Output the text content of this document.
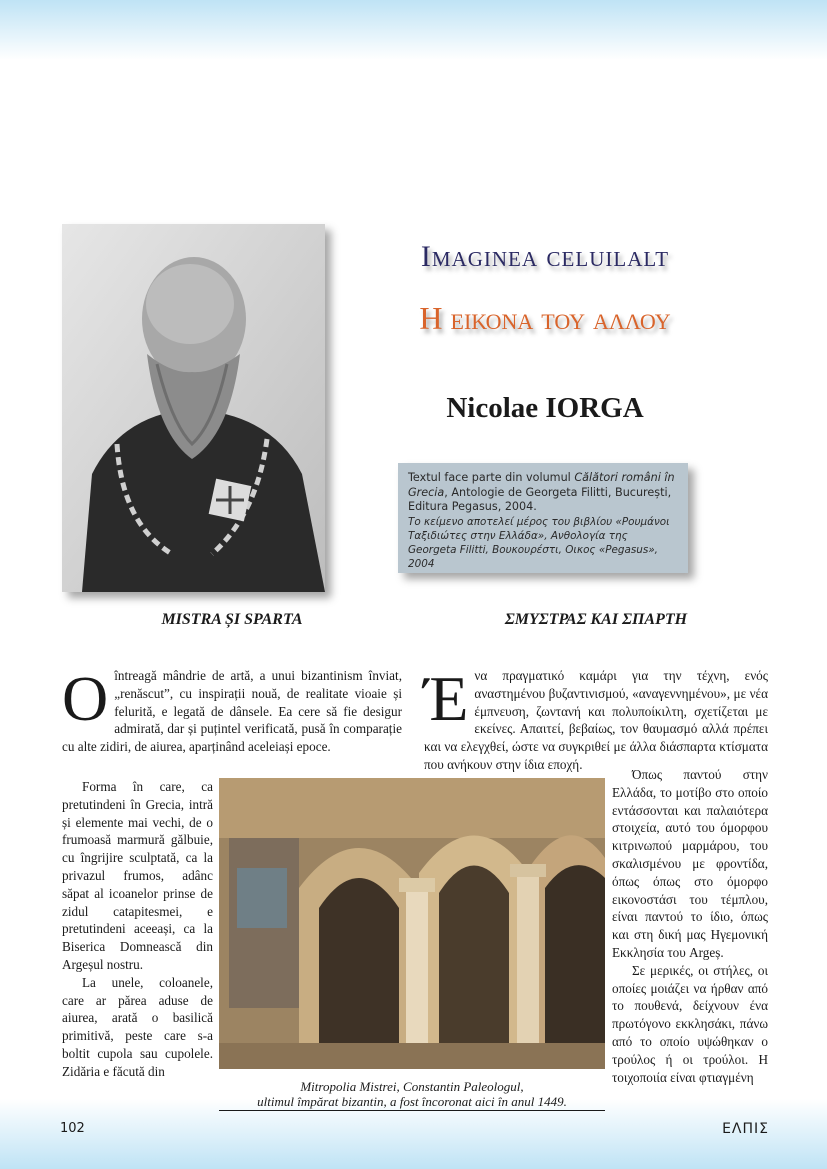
Imaginea celuilalt
Η εικονα του αλλου
Nicolae IORGA
Textul face parte din volumul Călători români în Grecia, Antologie de Georgeta Filitti, București, Editura Pegasus, 2004.
Το κείμενο αποτελεί μέρος του βιβλίου «Ρουμάνοι Ταξιδιώτες στην Ελλάδα», Ανθολογία της Georgeta Filitti, Βουκουρέστι, Οικος «Pegasus», 2004
MISTRA ȘI SPARTA	ΣΜΥΣΤΡΑΣ ΚΑΙ ΣΠΑΡΤΗ

Oîntreagă mândrie de artă, a unui bizantinism înviat, „renăscut”, cu inspirații nouă, de realitate vioaie și felurită, e legată de dânsele. Ea cere să fie desigur admirată, dar și puțintel verificată, pusă în comparație cu alte zidiri, de aiurea, aparținând aceleiași epoce.

Forma în care, ca pretutindeni în Grecia, intră și elemente mai vechi, de o frumoasă marmură gălbuie, cu îngrijire sculptată, ca la privazul frumos, adânc săpat al icoanelor prinse de zidul catapitesmei, e pretutindeni aceeași, ca la Biserica Domnească din Argeșul nostru.

La unele, coloanele, care ar părea aduse de aiurea, arată o basilică primitivă, peste care s-a boltit cupola sau cupolele. Zidăria e făcută din

Ένα πραγματικό καμάρι για την τέχνη, ενός αναστημένου βυζαντινισμού, «αναγεννημένου», με νέα έμπνευση, ζωντανή και πολυποίκιλτη, σχετίζεται με εκείνες. Απαιτεί, βεβαίως, τον θαυμασμό αλλά πρέπει και να ελεγχθεί, ώστε να συγκριθεί με άλλα διάσπαρτα κτίσματα που ανήκουν στην ίδια εποχή.

Όπως παντού στην Ελλάδα, το μοτίβο στο οποίο εντάσσονται και παλαιότερα στοιχεία, αυτό του όμορφου κιτρινωπού μαρμάρου, του σκαλισμένου με φροντίδα, όπως όπως στο όμορφο εικονοστάσι του τέμπλου, είναι παντού το ίδιο, όπως και στη δική μας Ηγεμονική Εκκλησία του Argeș.

Σε μερικές, οι στήλες, οι οποίες μοιάζει να ήρθαν από το πουθενά, δείχνουν ένα πρωτόγονο εκκλησάκι, πάνω από το οποίο υψώθηκαν ο τρούλος ή οι τρούλοι. Η τοιχοποιία είναι φτιαγμένη

Mitropolia Mistrei, Constantin Paleologul,
ultimul împărat bizantin, a fost încoronat aici în anul 1449.
102	ΕΛΠΙΣ
